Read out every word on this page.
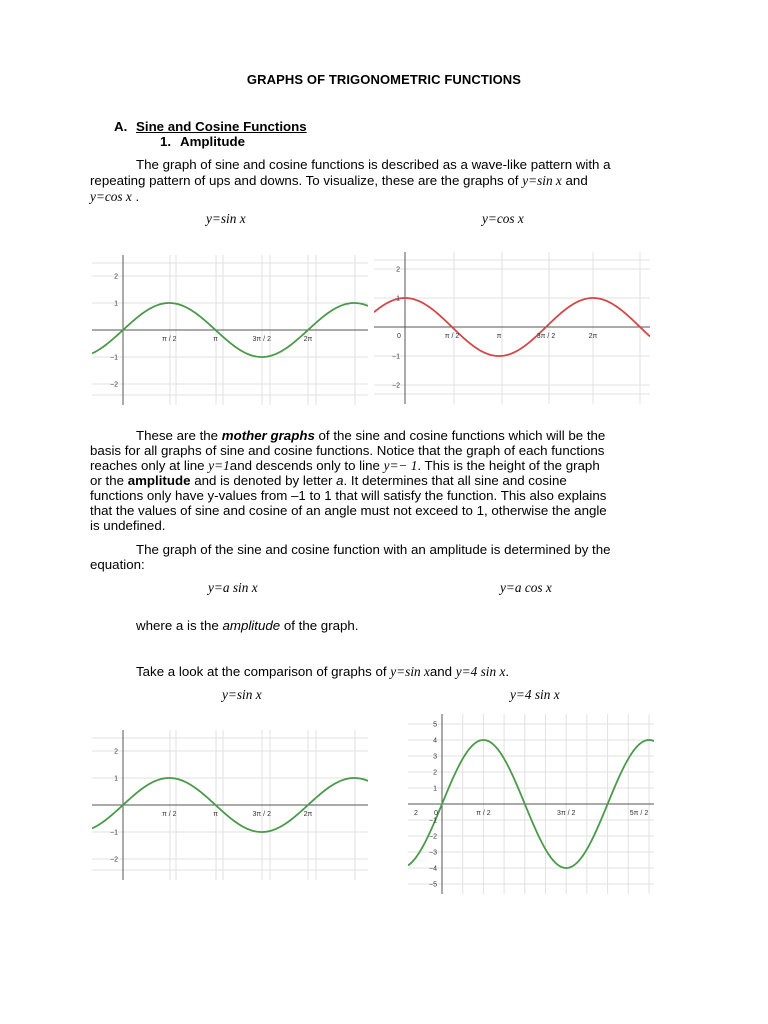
GRAPHS OF TRIGONOMETRIC FUNCTIONS
A. Sine and Cosine Functions
1. Amplitude
The graph of sine and cosine functions is described as a wave-like pattern with a
repeating pattern of ups and downs. To visualize, these are the graphs of y=sin x and
y=cos x .
y=sin x	y=cos x
π / 2	π	3π / 2	2π
2
1
−1
−2
0	π / 2	π	3π / 2	2π
2
1
−1
−2

These are the mother graphs of the sine and cosine functions which will be the

basis for all graphs of sine and cosine functions. Notice that the graph of each functions

reaches only at line y=1and descends only to line y=− 1. This is the height of the graph

or the amplitude and is denoted by letter a. It determines that all sine and cosine

functions only have y-values from –1 to 1 that will satisfy the function. This also explains

that the values of sine and cosine of an angle must not exceed to 1, otherwise the angle

is undefined.

The graph of the sine and cosine function with an amplitude is determined by the
equation:
y=a sin x	y=a cos x
where a is the amplitude of the graph.
Take a look at the comparison of graphs of y=sin xand y=4 sin x.
y=sin x	y=4 sin x
π / 2	π	3π / 2	2π
2
1
−1
−2
2 0	π / 2	3π / 2	5π / 2
5
4
3
2
1
−1
−2
−3
−4
−5
